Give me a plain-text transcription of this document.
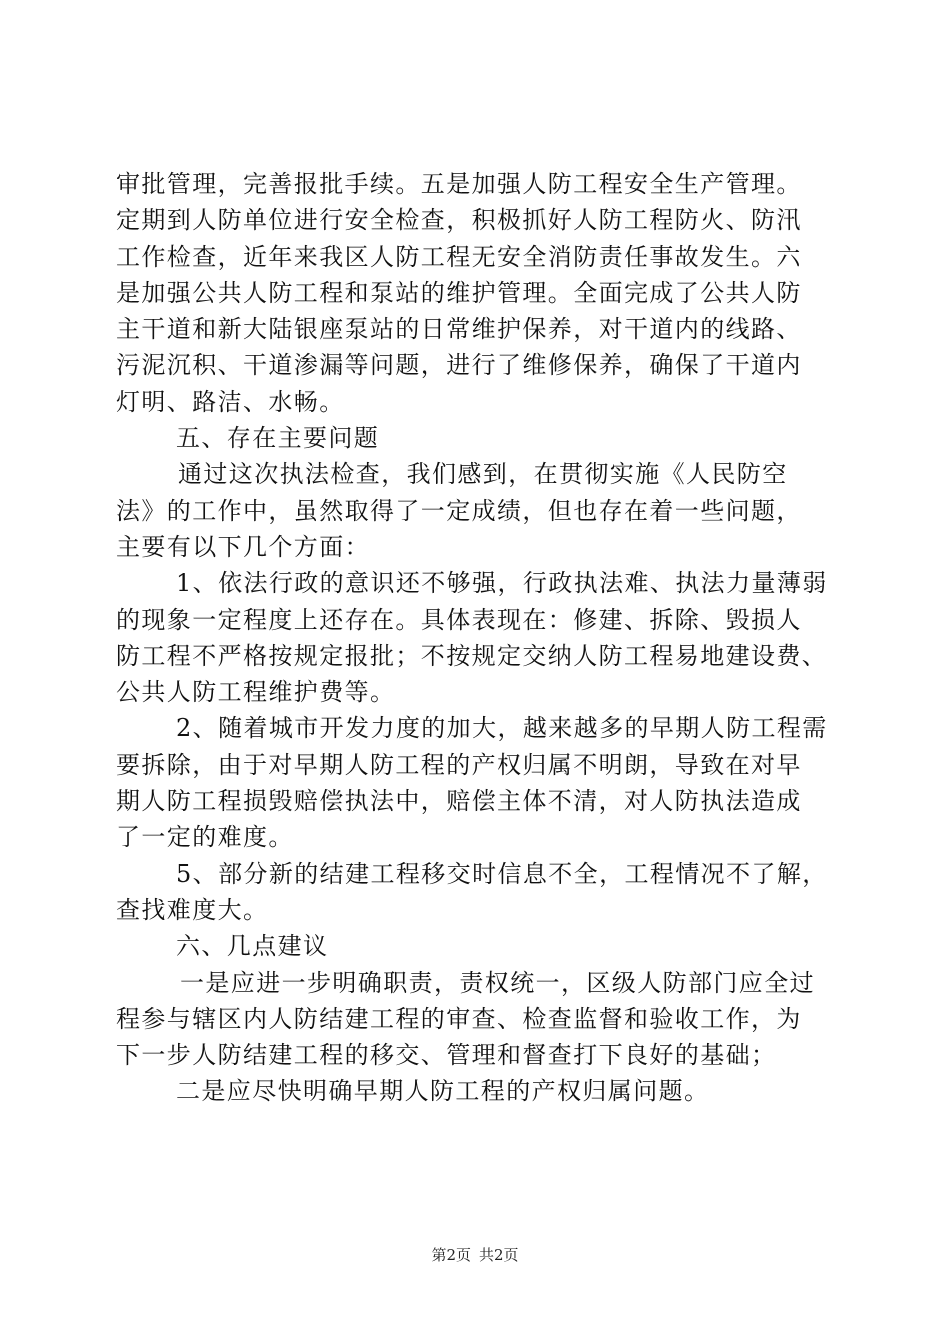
审批管理，完善报批手续。五是加强人防工程安全生产管理。
定期到人防单位进行安全检查，积极抓好人防工程防火、防汛
工作检查，近年来我区人防工程无安全消防责任事故发生。六
是加强公共人防工程和泵站的维护管理。全面完成了公共人防
主干道和新大陆银座泵站的日常维护保养，对干道内的线路、
污泥沉积、干道渗漏等问题，进行了维修保养，确保了干道内
灯明、路洁、水畅。
五、存在主要问题
通过这次执法检查，我们感到，在贯彻实施《人民防空
法》的工作中，虽然取得了一定成绩，但也存在着一些问题，
主要有以下几个方面：
1、依法行政的意识还不够强，行政执法难、执法力量薄弱
的现象一定程度上还存在。具体表现在：修建、拆除、毁损人
防工程不严格按规定报批；不按规定交纳人防工程易地建设费、
公共人防工程维护费等。
2、随着城市开发力度的加大，越来越多的早期人防工程需
要拆除，由于对早期人防工程的产权归属不明朗，导致在对早
期人防工程损毁赔偿执法中，赔偿主体不清，对人防执法造成
了一定的难度。
5、部分新的结建工程移交时信息不全，工程情况不了解，
查找难度大。
六、几点建议
一是应进一步明确职责，责权统一，区级人防部门应全过
程参与辖区内人防结建工程的审查、检查监督和验收工作，为
下一步人防结建工程的移交、管理和督查打下良好的基础；
二是应尽快明确早期人防工程的产权归属问题。
第2页 共2页
